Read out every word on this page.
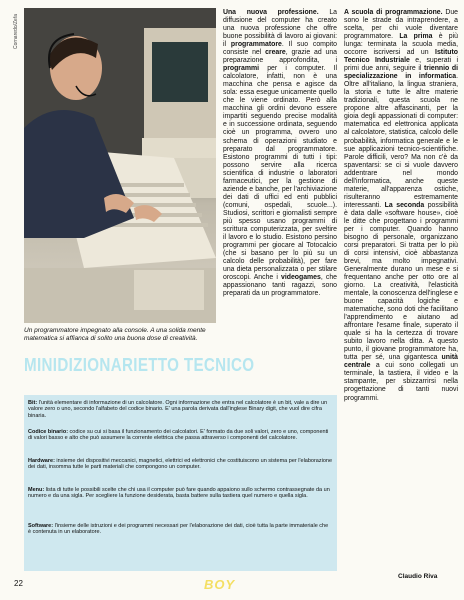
Cornaredo/Zefa
Un programmatore impegnato alla console. A una solida mente matematica si affianca di solito una buona dose di creatività.

Una nuova professione. La diffusione del computer ha creato una nuova professione che offre buone possibilità di lavoro ai giovani: il programmatore. Il suo compito consiste nel creare, grazie ad una preparazione approfondita, i programmi per i computer. Il calcolatore, infatti, non è una macchina che pensa e agisce da sola: essa esegue unicamente quello che le viene ordinato. Però alla macchina gli ordini devono essere impartiti seguendo precise modalità e in successione ordinata, seguendo cioè un programma, ovvero uno schema di operazioni studiato e preparato dal programmatore. Esistono programmi di tutti i tipi: possono servire alla ricerca scientifica di industrie o laboratori farmaceutici, per la gestione di aziende e banche, per l'archiviazione dei dati di uffici ed enti pubblici (comuni, ospedali, scuole...). Studiosi, scrittori e giornalisti sempre più spesso usano programmi di scrittura computerizzata, per sveltire il lavoro e lo studio. Esistono persino programmi per giocare al Totocalcio (che si basano per lo più su un calcolo delle probabilità), per fare una dieta personalizzata o per stilare oroscopi. Anche i videogames, che appassionano tanti ragazzi, sono preparati da un programmatore.

A scuola di programmazione. Due sono le strade da intraprendere, a scelta, per chi vuole diventare programmatore. La prima è più lunga: terminata la scuola media, occorre iscriversi ad un Istituto Tecnico Industriale e, superati i primi due anni, seguire il triennio di specializzazione in informatica. Oltre all'italiano, la lingua straniera, la storia e tutte le altre materie tradizionali, questa scuola ne propone altre affascinanti, per la gioia degli appassionati di computer: matematica ed elettronica applicata al calcolatore, statistica, calcolo delle probabilità, informatica generale e le sue applicazioni tecnico-scientifiche. Parole difficili, vero? Ma non c'è da spaventarsi: se ci si vuole davvero addentrare nel mondo dell'informatica, anche queste materie, all'apparenza ostiche, risulteranno estremamente interessanti. La seconda possibilità è data dalle «software house», cioè le ditte che progettano i programmi per i computer. Quando hanno bisogno di personale, organizzano corsi preparatori. Si tratta per lo più di corsi intensivi, cioè abbastanza brevi, ma molto impegnativi. Generalmente durano un mese e si frequentano anche per otto ore al giorno. La creatività, l'elasticità mentale, la conoscenza dell'inglese e buone capacità logiche e matematiche, sono doti che facilitano l'apprendimento e aiutano ad affrontare l'esame finale, superato il quale si ha la certezza di trovare subito lavoro nella ditta. A questo punto, il giovane programmatore ha, tutta per sé, una gigantesca unità centrale a cui sono collegati un terminale, la tastiera, il video e la stampante, per sbizzarrirsi nella progettazione di tanti nuovi programmi.

MINIDIZIONARIETTO TECNICO
Bit: l'unità elementare di informazione di un calcolatore. Ogni informazione che entra nel calcolatore è un bit, vale a dire un valore zero o uno, secondo l'alfabeto del codice binario. E' una parola derivata dall'inglese Binary digit, che vuol dire cifra binaria.
Codice binario: codice su cui si basa il funzionamento dei calcolatori. E' formato da due soli valori, zero e uno, componenti di valori basso e alto che può assumere la corrente elettrica che passa attraverso i componenti del calcolatore.
Hardware: insieme dei dispositivi meccanici, magnetici, elettrici ed elettronici che costituiscono un sistema per l'elaborazione dei dati, insomma tutte le parti materiali che compongono un computer.
Menu: lista di tutte le possibili scelte che chi usa il computer può fare quando appaiono sullo schermo contrassegnate da un numero e da una sigla. Per scegliere la funzione desiderata, basta battere sulla tastiera quel numero e quella sigla.
Software: l'insieme delle istruzioni e dei programmi necessari per l'elaborazione dei dati, cioè tutta la parte immateriale che è contenuta in un elaboratore.
22	BOY
Claudio Riva
